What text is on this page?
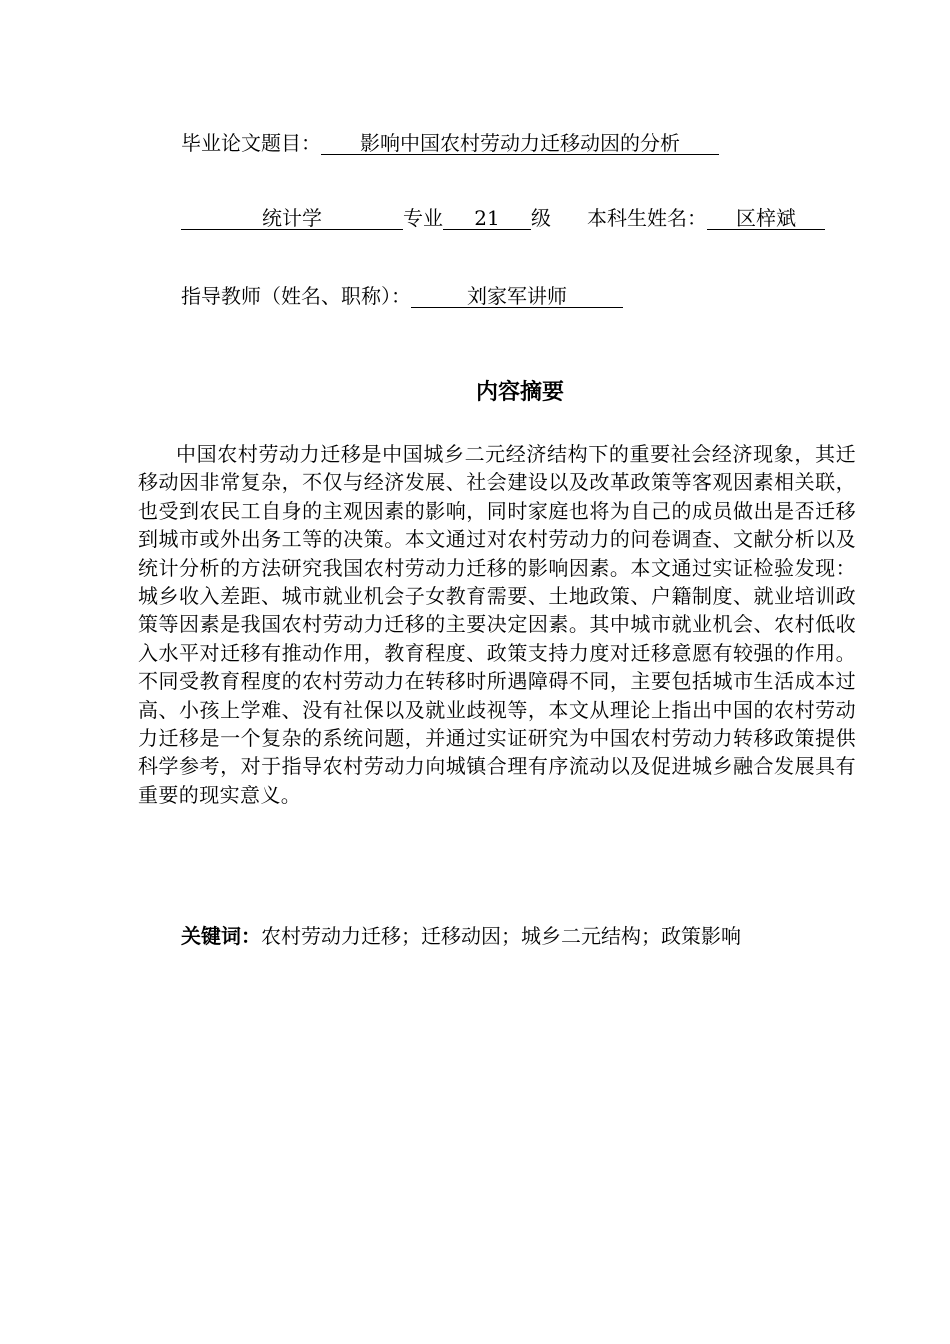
毕业论文题目： 影响中国农村劳动力迁移动因的分析
统计学	专业 21 级 本科生姓名： 区梓斌
指导教师（姓名、职称）：	刘家军讲师
内容摘要
中国农村劳动力迁移是中国城乡二元经济结构下的重要社会经济现象，其迁移动因非常复杂，不仅与经济发展、社会建设以及改革政策等客观因素相关联，也受到农民工自身的主观因素的影响，同时家庭也将为自己的成员做出是否迁移到城市或外出务工等的决策。本文通过对农村劳动力的问卷调查、文献分析以及统计分析的方法研究我国农村劳动力迁移的影响因素。本文通过实证检验发现：城乡收入差距、城市就业机会子女教育需要、土地政策、户籍制度、就业培训政策等因素是我国农村劳动力迁移的主要决定因素。其中城市就业机会、农村低收入水平对迁移有推动作用，教育程度、政策支持力度对迁移意愿有较强的作用。不同受教育程度的农村劳动力在转移时所遇障碍不同，主要包括城市生活成本过高、小孩上学难、没有社保以及就业歧视等，本文从理论上指出中国的农村劳动力迁移是一个复杂的系统问题，并通过实证研究为中国农村劳动力转移政策提供科学参考，对于指导农村劳动力向城镇合理有序流动以及促进城乡融合发展具有重要的现实意义。
关键词：农村劳动力迁移；迁移动因；城乡二元结构；政策影响
